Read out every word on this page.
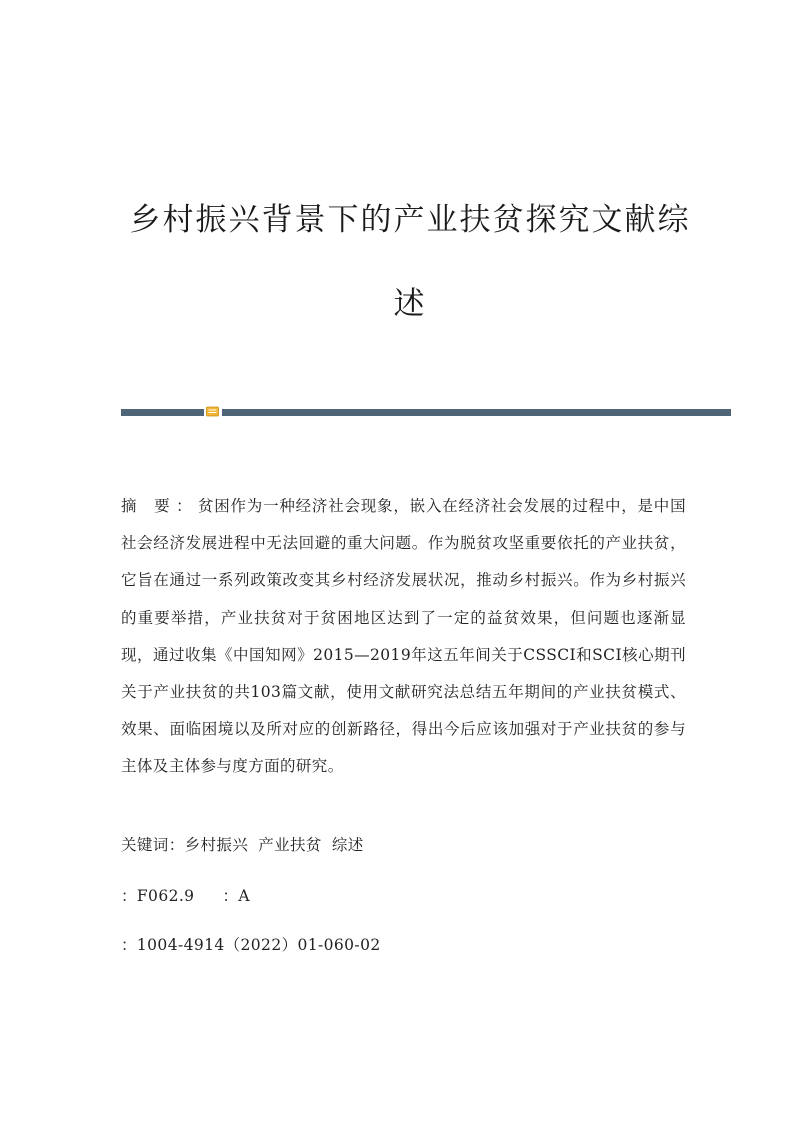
乡村振兴背景下的产业扶贫探究文献综
述
摘 要：贫困作为一种经济社会现象，嵌入在经济社会发展的过程中，是中国社会经济发展进程中无法回避的重大问题。作为脱贫攻坚重要依托的产业扶贫，它旨在通过一系列政策改变其乡村经济发展状况，推动乡村振兴。作为乡村振兴的重要举措，产业扶贫对于贫困地区达到了一定的益贫效果，但问题也逐渐显现，通过收集《中国知网》2015—2019年这五年间关于CSSCI和SCI核心期刊关于产业扶贫的共103篇文献，使用文献研究法总结五年期间的产业扶贫模式、效果、面临困境以及所对应的创新路径，得出今后应该加强对于产业扶贫的参与主体及主体参与度方面的研究。
关键词：乡村振兴 产业扶贫 综述
：F062.9 ：A
：1004-4914（2022）01-060-02
